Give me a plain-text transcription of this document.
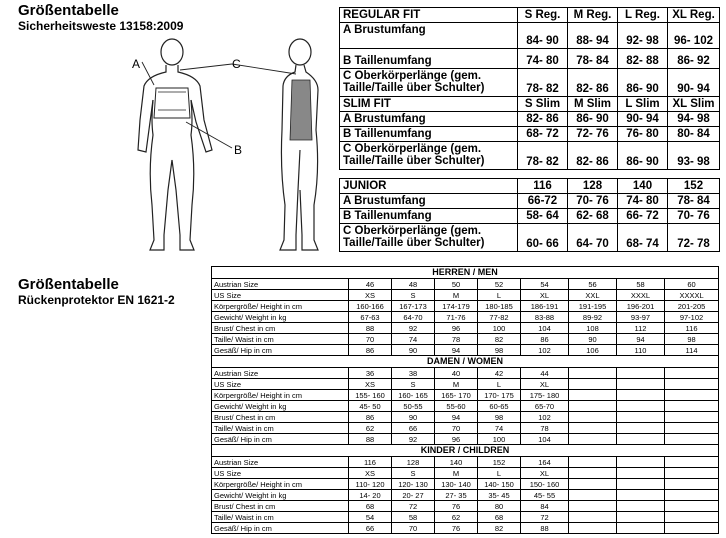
Größentabelle
Sicherheitsweste 13158:2009
Größentabelle
Rückenprotektor EN 1621-2
A	C
B
REGULAR FIT	S Reg.	M Reg.	L Reg.	XL Reg.
A Brustumfang	84- 90	88- 94	92- 98	96- 102
B Taillenumfang	74- 80	78- 84	82- 88	86- 92
C Oberkörperlänge (gem. Taille/Taille über Schulter)	78- 82	82- 86	86- 90	90- 94
SLIM FIT	S Slim	M Slim	L Slim	XL Slim
A Brustumfang	82- 86	86- 90	90- 94	94- 98
B Taillenumfang	68- 72	72- 76	76- 80	80- 84
C Oberkörperlänge (gem. Taille/Taille über Schulter)	78- 82	82- 86	86- 90	93- 98
JUNIOR	116	128	140	152
A Brustumfang	66-72	70- 76	74- 80	78- 84
B Taillenumfang	58- 64	62- 68	66- 72	70- 76
C Oberkörperlänge (gem. Taille/Taille über Schulter)	60- 66	64- 70	68- 74	72- 78
HERREN / MEN								
Austrian Size	46	48	50	52	54	56	58	60
US Size	XS	S	M	L	XL	XXL	XXXL	XXXXL
Körpergröße/ Height in cm	160-166	167-173	174-179	180-185	186-191	191-195	196-201	201-205
Gewicht/ Weight in kg	67-63	64-70	71-76	77-82	83-88	89-92	93-97	97-102
Brust/ Chest in cm	88	92	96	100	104	108	112	116
Taille/ Waist in cm	70	74	78	82	86	90	94	98
Gesäß/ Hip in cm	86	90	94	98	102	106	110	114
DAMEN / WOMEN								
Austrian Size	36	38	40	42	44			
US Size	XS	S	M	L	XL			
Körpergröße/ Height in cm	155- 160	160- 165	165- 170	170- 175	175- 180			
Gewicht/ Weight in kg	45- 50	50-55	55-60	60-65	65-70			
Brust/ Chest in cm	86	90	94	98	102			
Taille/ Waist in cm	62	66	70	74	78			
Gesäß/ Hip in cm	88	92	96	100	104			
KINDER / CHILDREN								
Austrian Size	116	128	140	152	164			
US Size	XS	S	M	L	XL			
Körpergröße/ Height in cm	110- 120	120- 130	130- 140	140- 150	150- 160			
Gewicht/ Weight in kg	14- 20	20- 27	27- 35	35- 45	45- 55			
Brust/ Chest in cm	68	72	76	80	84			
Taille/ Waist in cm	54	58	62	68	72			
Gesäß/ Hip in cm	66	70	76	82	88			
